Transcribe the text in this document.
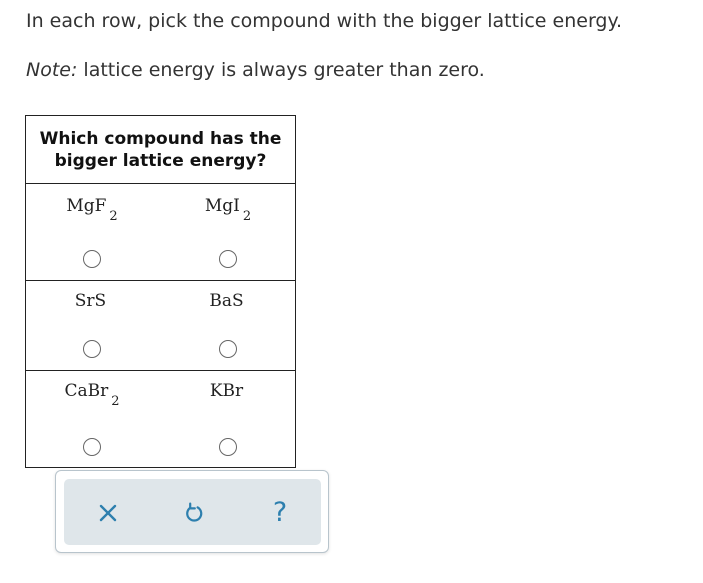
In each row, pick the compound with the bigger lattice energy.

Note: lattice energy is always greater than zero.

Which compound has the bigger lattice energy?
MgF2
MgI2
SrS	BaS
CaBr2
KBr
?
